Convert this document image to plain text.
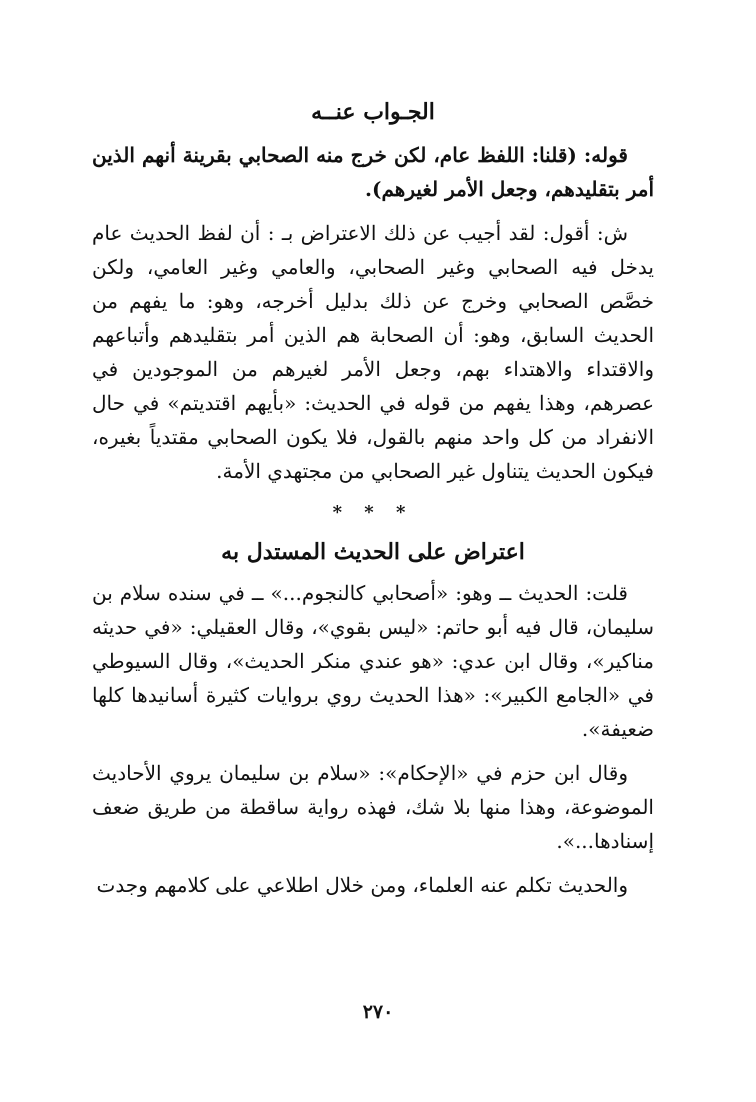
الجـواب عنــه

قوله: (قلنا: اللفظ عام، لكن خرج منه الصحابي بقرينة أنهم الذين أمر بتقليدهم، وجعل الأمر لغيرهم).

ش: أقول: لقد أجيب عن ذلك الاعتراض بـ : أن لفظ الحديث عام يدخل فيه الصحابي وغير الصحابي، والعامي وغير العامي، ولكن خصَّص الصحابي وخرج عن ذلك بدليل أخرجه، وهو: ما يفهم من الحديث السابق، وهو: أن الصحابة هم الذين أمر بتقليدهم وأتباعهم والاقتداء والاهتداء بهم، وجعل الأمر لغيرهم من الموجودين في عصرهم، وهذا يفهم من قوله في الحديث: «بأيهم اقتديتم» في حال الانفراد من كل واحد منهم بالقول، فلا يكون الصحابي مقتدياً بغيره، فيكون الحديث يتناول غير الصحابي من مجتهدي الأمة.

* * *
اعتراض على الحديث المستدل به

قلت: الحديث ــ وهو: «أصحابي كالنجوم...» ــ في سنده سلام بن سليمان، قال فيه أبو حاتم: «ليس بقوي»، وقال العقيلي: «في حديثه مناكير»، وقال ابن عدي: «هو عندي منكر الحديث»، وقال السيوطي في «الجامع الكبير»: «هذا الحديث روي بروايات كثيرة أسانيدها كلها ضعيفة».

وقال ابن حزم في «الإحكام»: «سلام بن سليمان يروي الأحاديث الموضوعة، وهذا منها بلا شك، فهذه رواية ساقطة من طريق ضعف إسنادها...».

والحديث تكلم عنه العلماء، ومن خلال اطلاعي على كلامهم وجدت

٢٧٠
